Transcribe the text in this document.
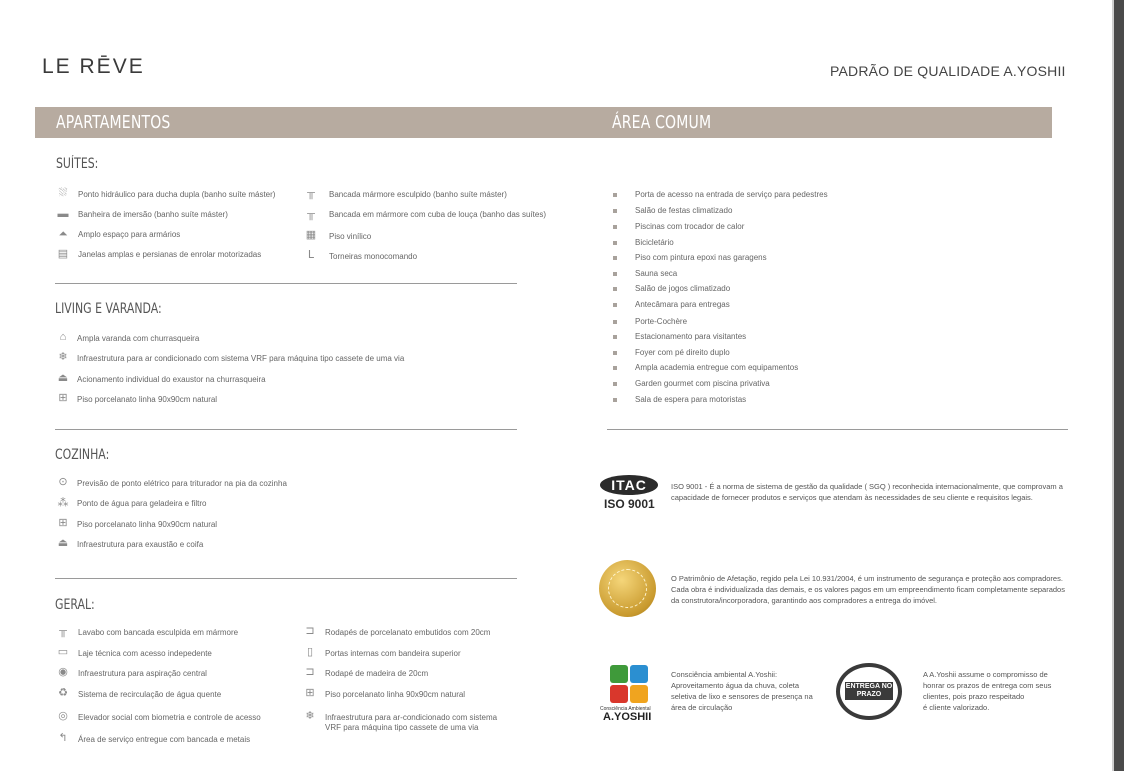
LE RĒVE	PADRÃO DE QUALIDADE A.YOSHII
APARTAMENTOS	ÁREA COMUM
SUÍTES:
⛆	Ponto hidráulico para ducha dupla (banho suíte máster)
▬ Banheira de imersão (banho suíte máster)
⏶	Amplo espaço para armários
▤ Janelas amplas e persianas de enrolar motorizadas
╥	Bancada mármore esculpido (banho suíte máster)
╥	Bancada em mármore com cuba de louça (banho das suítes)
▦ Piso vinílico
ᒪ	Torneiras monocomando
LIVING E VARANDA:
⌂	Ampla varanda com churrasqueira
❄ Infraestrutura para ar condicionado com sistema VRF para máquina tipo cassete de uma via
⏏ Acionamento individual do exaustor na churrasqueira
⊞ Piso porcelanato linha 90x90cm natural
COZINHA:
⊙ Previsão de ponto elétrico para triturador na pia da cozinha
⁂ Ponto de água para geladeira e filtro
⊞ Piso porcelanato linha 90x90cm natural
⏏ Infraestrutura para exaustão e coifa
GERAL:
╥	Lavabo com bancada esculpida em mármore
▭ Laje técnica com acesso indepedente
◉ Infraestrutura para aspiração central
♻ Sistema de recirculação de água quente
◎ Elevador social com biometria e controle de acesso
↰ Área de serviço entregue com bancada e metais
⊐ Rodapés de porcelanato embutidos com 20cm
▯	Portas internas com bandeira superior
⊐ Rodapé de madeira de 20cm
⊞ Piso porcelanato linha 90x90cm natural
❄ Infraestrutura para ar-condicionado com sistema
VRF para máquina tipo cassete de uma via
Porta de acesso na entrada de serviço para pedestres
Salão de festas climatizado
Piscinas com trocador de calor
Bicicletário
Piso com pintura epoxi nas garagens
Sauna seca
Salão de jogos climatizado
Antecâmara para entregas
Porte-Cochère
Estacionamento para visitantes
Foyer com pé direito duplo
Ampla academia entregue com equipamentos
Garden gourmet com piscina privativa
Sala de espera para motoristas
ITAC
ISO 9001
ISO 9001 - É a norma de sistema de gestão da qualidade ( SGQ ) reconhecida internacionalmente, que comprovam a
capacidade de fornecer produtos e serviços que atendam às necessidades de seu cliente e requisitos legais.
O Patrimônio de Afetação, regido pela Lei 10.931/2004, é um instrumento de segurança e proteção aos compradores.
Cada obra é individualizada das demais, e os valores pagos em um empreendimento ficam completamente separados
da construtora/incorporadora, garantindo aos compradores a entrega do imóvel.
Consciência Ambiental
A.YOSHII
Consciência ambiental A.Yoshii:
Aproveitamento água da chuva, coleta
seletiva de lixo e sensores de presença na
área de circulação
ENTREGA NO PRAZO
A A.Yoshii assume o compromisso de
honrar os prazos de entrega com seus
clientes, pois prazo respeitado
é cliente valorizado.
